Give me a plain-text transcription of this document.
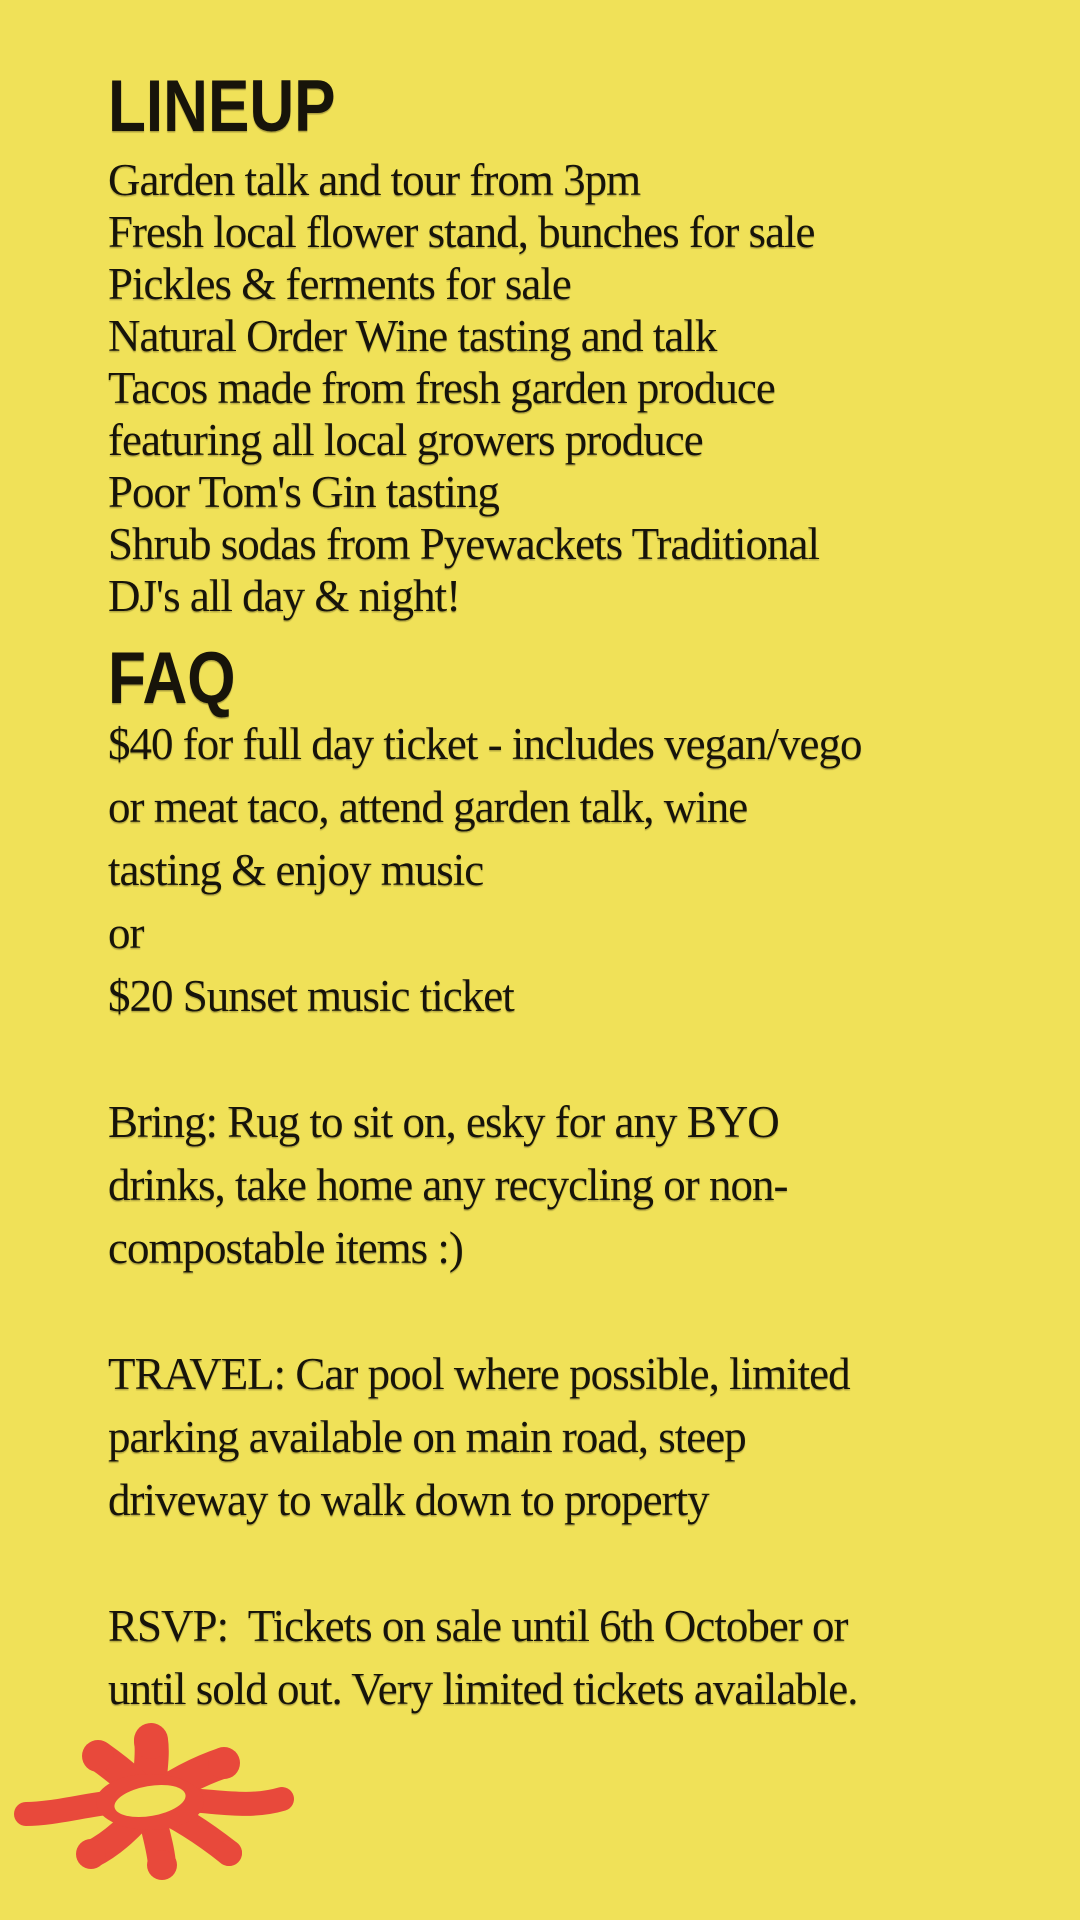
LINEUP
Garden talk and tour from 3pm
Fresh local flower stand, bunches for sale
Pickles & ferments for sale
Natural Order Wine tasting and talk
Tacos made from fresh garden produce
featuring all local growers produce
Poor Tom's Gin tasting
Shrub sodas from Pyewackets Traditional
DJ's all day & night!
FAQ
$40 for full day ticket - includes vegan/vego
or meat taco, attend garden talk, wine
tasting & enjoy music
or
$20 Sunset music ticket
Bring: Rug to sit on, esky for any BYO
drinks, take home any recycling or non-
compostable items :)
TRAVEL: Car pool where possible, limited
parking available on main road, steep
driveway to walk down to property
RSVP:  Tickets on sale until 6th October or
until sold out. Very limited tickets available.
